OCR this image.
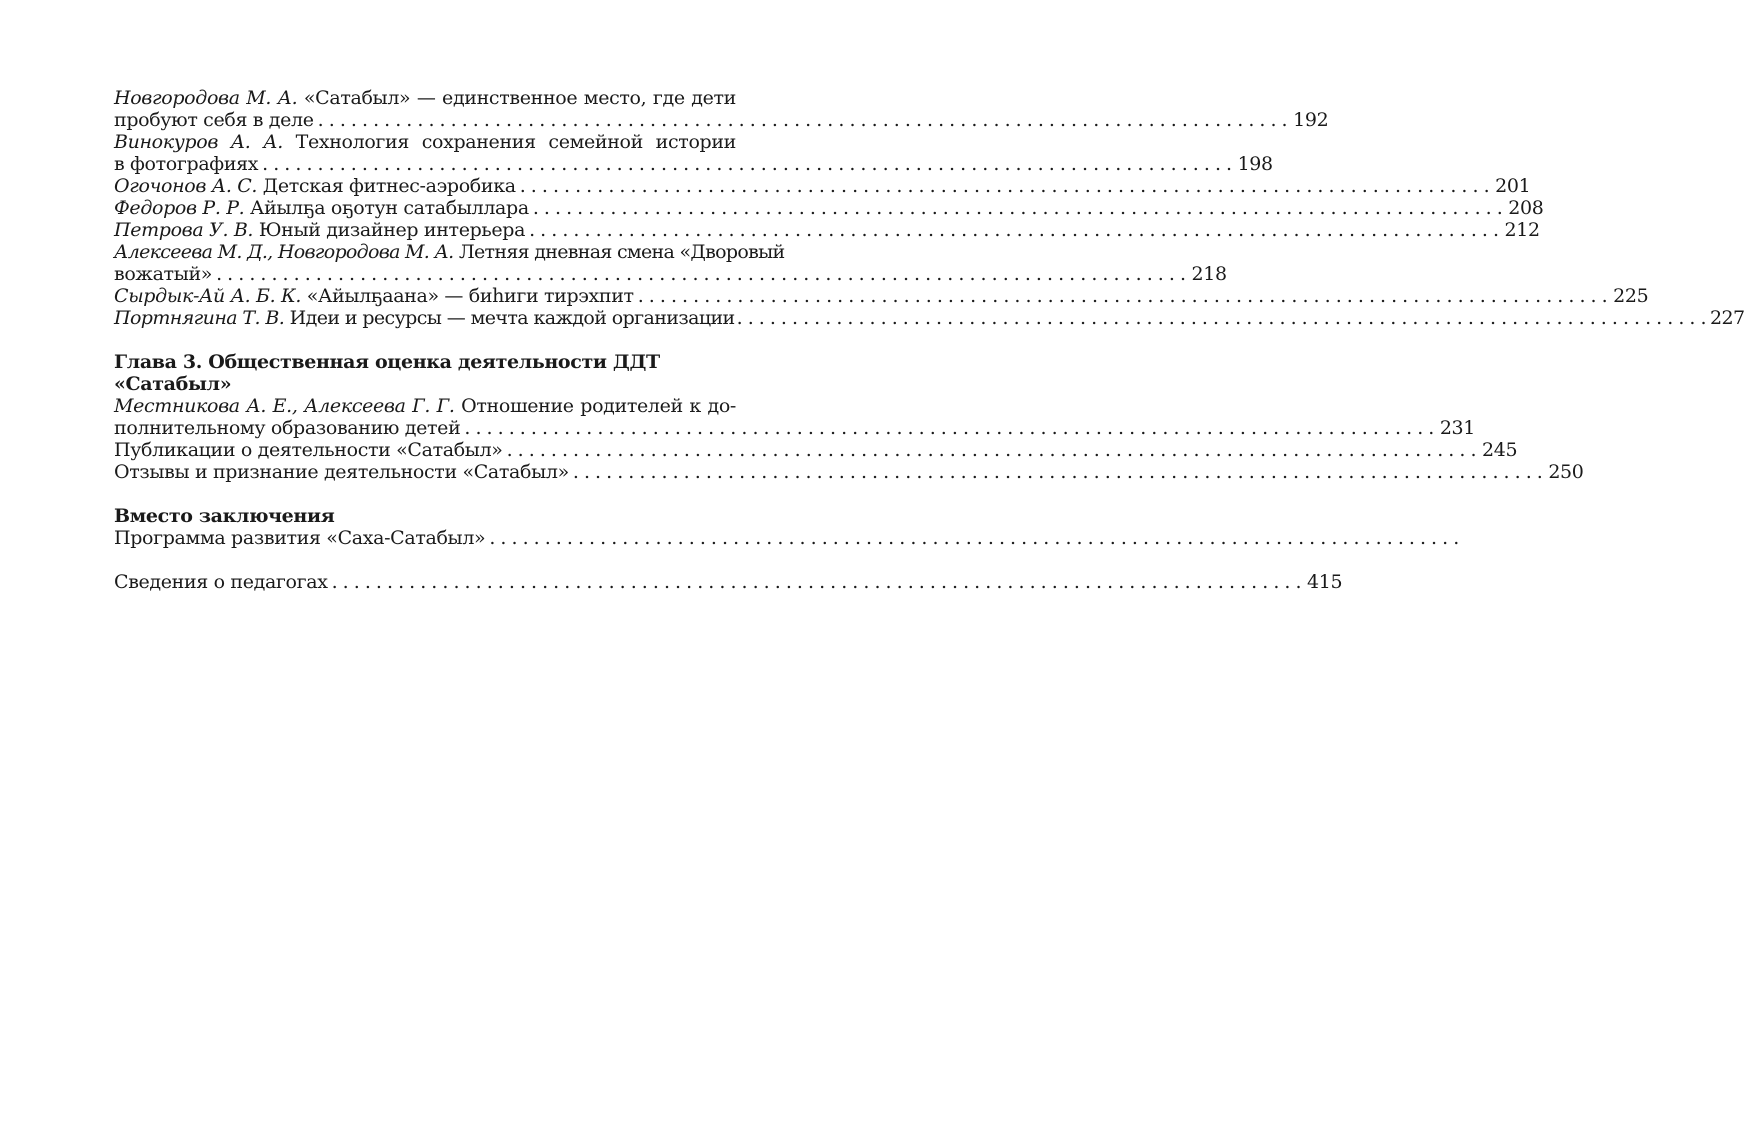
Новгородова М. А. «Сатабыл» — единственное место, где дети
пробуют себя в деле . . .	192
Винокуров А. А. Технология сохранения семейной истории
в фотографиях . . .	198
Огочонов А. С. Детская фитнес-аэробика . . .	201
Федоров Р. Р. Айылҕа оҕотун сатабыллара . . .	208
Петрова У. В. Юный дизайнер интерьера . . .	212
Алексеева М. Д., Новгородова М. А. Летняя дневная смена «Дворовый
вожатый» . . .	218
Сырдык-Ай А. Б. К. «Айылҕаана» — биһиги тирэхпит . . .	225
Портнягина Т. В. Идеи и ресурсы — мечта каждой организации . . .	227
Глава 3. Общественная оценка деятельности ДДТ «Сатабыл»
Местникова А. Е., Алексеева Г. Г. Отношение родителей к до-
полнительному образованию детей . . .	231
Публикации о деятельности «Сатабыл» . . .	245
Отзывы и признание деятельности «Сатабыл» . . .	250
Вместо заключения
Программа развития «Саха-Сатабыл»
. . .
Сведения о педагогах . . .	415
